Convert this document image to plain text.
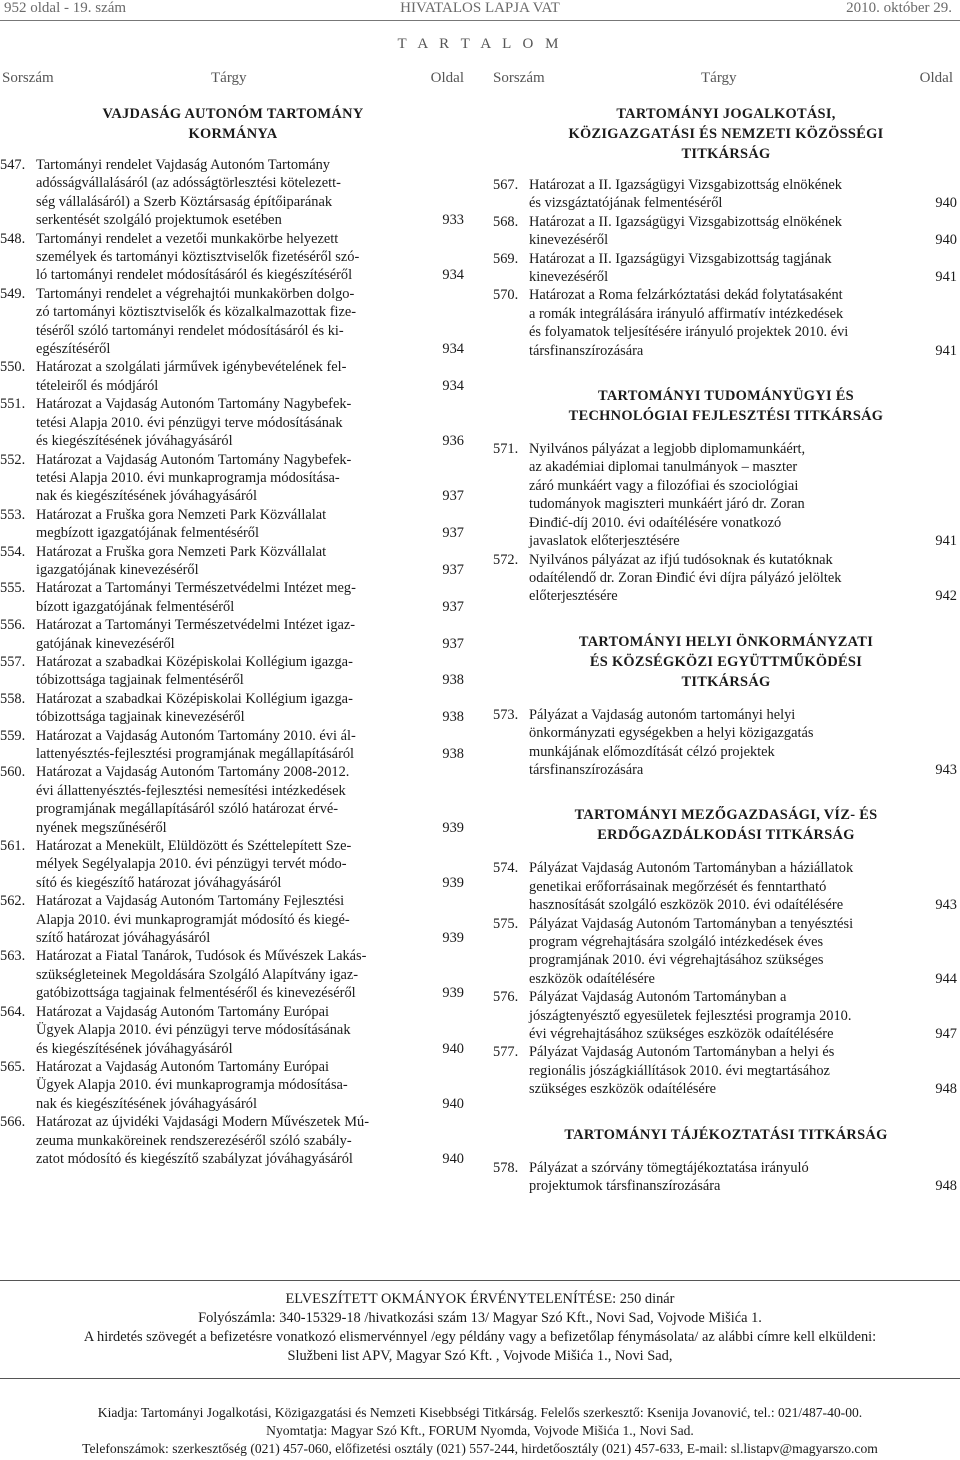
952 oldal - 19. szám	HIVATALOS LAPJA VAT	2010. október 29.
T A R T A L O M
Sorszám	Tárgy	Oldal Sorszám	Tárgy	Oldal
VAJDASÁG AUTONÓM TARTOMÁNY
KORMÁNYA
547. Tartományi rendelet Vajdaság Autonóm Tartomány
adósságvállalásáról (az adósságtörlesztési kötelezett-
ség vállalásáról) a Szerb Köztársaság építőiparának
serkentését szolgáló projektumok esetében	933
548. Tartományi rendelet a vezetői munkakörbe helyezett
személyek és tartományi köztisztviselők fizetéséről szó-
ló tartományi rendelet módosításáról és kiegészítéséről	934
549. Tartományi rendelet a végrehajtói munkakörben dolgo-
zó tartományi köztisztviselők és közalkalmazottak fize-
téséről szóló tartományi rendelet módosításáról és ki-
egészítéséről	934
550. Határozat a szolgálati járművek igénybevételének fel-
tételeiről és módjáról	934
551. Határozat a Vajdaság Autonóm Tartomány Nagybefek-
tetési Alapja 2010. évi pénzügyi terve módosításának
és kiegészítésének jóváhagyásáról	936
552. Határozat a Vajdaság Autonóm Tartomány Nagybefek-
tetési Alapja 2010. évi munkaprogramja módosítása-
nak és kiegészítésének jóváhagyásáról	937
553. Határozat a Fruška gora Nemzeti Park Közvállalat
megbízott igazgatójának felmentéséről	937
554. Határozat a Fruška gora Nemzeti Park Közvállalat
igazgatójának kinevezéséről	937
555. Határozat a Tartományi Természetvédelmi Intézet meg-
bízott igazgatójának felmentéséről	937
556. Határozat a Tartományi Természetvédelmi Intézet igaz-
gatójának kinevezéséről	937
557. Határozat a szabadkai Középiskolai Kollégium igazga-
tóbizottsága tagjainak felmentéséről	938
558. Határozat a szabadkai Középiskolai Kollégium igazga-
tóbizottsága tagjainak kinevezéséről	938
559. Határozat a Vajdaság Autonóm Tartomány 2010. évi ál-
lattenyésztés-fejlesztési programjának megállapításáról	938
560. Határozat a Vajdaság Autonóm Tartomány 2008-2012.
évi állattenyésztés-fejlesztési nemesítési intézkedések
programjának megállapításáról szóló határozat érvé-
nyének megszűnéséről	939
561. Határozat a Menekült, Elüldözött és Széttelepített Sze-
mélyek Segélyalapja 2010. évi pénzügyi tervét módo-
sító és kiegészítő határozat jóváhagyásáról	939
562. Határozat a Vajdaság Autonóm Tartomány Fejlesztési
Alapja 2010. évi munkaprogramját módosító és kiegé-
szítő határozat jóváhagyásáról	939
563. Határozat a Fiatal Tanárok, Tudósok és Művészek Lakás-
szükségleteinek Megoldására Szolgáló Alapítvány igaz-
gatóbizottsága tagjainak felmentéséről és kinevezéséről	939
564. Határozat a Vajdaság Autonóm Tartomány Európai
Ügyek Alapja 2010. évi pénzügyi terve módosításának
és kiegészítésének jóváhagyásáról	940
565. Határozat a Vajdaság Autonóm Tartomány Európai
Ügyek Alapja 2010. évi munkaprogramja módosítása-
nak és kiegészítésének jóváhagyásáról	940
566. Határozat az újvidéki Vajdasági Modern Művészetek Mú-
zeuma munkaköreinek rendszerezéséről szóló szabály-
zatot módosító és kiegészítő szabályzat jóváhagyásáról	940
TARTOMÁNYI JOGALKOTÁSI,
KÖZIGAZGATÁSI ÉS NEMZETI KÖZÖSSÉGI
TITKÁRSÁG
567. Határozat a II. Igazságügyi Vizsgabizottság elnökének
és vizsgáztatójának felmentéséről	940
568. Határozat a II. Igazságügyi Vizsgabizottság elnökének
kinevezéséről	940
569. Határozat a II. Igazságügyi Vizsgabizottság tagjának
kinevezéséről	941
570. Határozat a Roma felzárkóztatási dekád folytatásaként
a romák integrálására irányuló affirmatív intézkedések
és folyamatok teljesítésére irányuló projektek 2010. évi
társfinanszírozására	941
TARTOMÁNYI TUDOMÁNYÜGYI ÉS
TECHNOLÓGIAI FEJLESZTÉSI TITKÁRSÁG
571. Nyilvános pályázat a legjobb diplomamunkáért,
az akadémiai diplomai tanulmányok – maszter
záró munkáért vagy a filozófiai és szociológiai
tudományok magiszteri munkáért járó dr. Zoran
Đinđić-díj 2010. évi odaítélésére vonatkozó
javaslatok előterjesztésére	941
572. Nyilvános pályázat az ifjú tudósoknak és kutatóknak
odaítélendő dr. Zoran Đinđić évi díjra pályázó jelöltek
előterjesztésére	942
TARTOMÁNYI HELYI ÖNKORMÁNYZATI
ÉS KÖZSÉGKÖZI EGYÜTTMŰKÖDÉSI
TITKÁRSÁG
573. Pályázat a Vajdaság autonóm tartományi helyi
önkormányzati egységekben a helyi közigazgatás
munkájának előmozdítását célzó projektek
társfinanszírozására	943
TARTOMÁNYI MEZŐGAZDASÁGI, VÍZ- ÉS
ERDŐGAZDÁLKODÁSI TITKÁRSÁG
574. Pályázat Vajdaság Autonóm Tartományban a háziállatok
genetikai erőforrásainak megőrzését és fenntartható
hasznosítását szolgáló eszközök 2010. évi odaítélésére	943
575. Pályázat Vajdaság Autonóm Tartományban a tenyésztési
program végrehajtására szolgáló intézkedések éves
programjának 2010. évi végrehajtásához szükséges
eszközök odaítélésére	944
576. Pályázat Vajdaság Autonóm Tartományban a
jószágtenyésztő egyesületek fejlesztési programja 2010.
évi végrehajtásához szükséges eszközök odaítélésére	947
577. Pályázat Vajdaság Autonóm Tartományban a helyi és
regionális jószágkiállítások 2010. évi megtartásához
szükséges eszközök odaítélésére	948
TARTOMÁNYI TÁJÉKOZTATÁSI TITKÁRSÁG
578. Pályázat a szórvány tömegtájékoztatása irányuló
projektumok társfinanszírozására	948
ELVESZÍTETT OKMÁNYOK ÉRVÉNYTELENÍTÉSE: 250 dinár
Folyószámla: 340-15329-18 /hivatkozási szám 13/ Magyar Szó Kft., Novi Sad, Vojvode Mišića 1.
A hirdetés szövegét a befizetésre vonatkozó elismervénnyel /egy példány vagy a befizetőlap fénymásolata/ az alábbi címre kell elküldeni:
Službeni list APV, Magyar Szó Kft. , Vojvode Mišića 1., Novi Sad,
Kiadja: Tartományi Jogalkotási, Közigazgatási és Nemzeti Kisebbségi Titkárság. Felelős szerkesztő: Ksenija Jovanović, tel.: 021/487-40-00.
Nyomtatja: Magyar Szó Kft., FORUM Nyomda, Vojvode Mišića 1., Novi Sad.
Telefonszámok: szerkesztőség (021) 457-060, előfizetési osztály (021) 557-244, hirdetőosztály (021) 457-633, E-mail: sl.listapv@magyarszo.com
